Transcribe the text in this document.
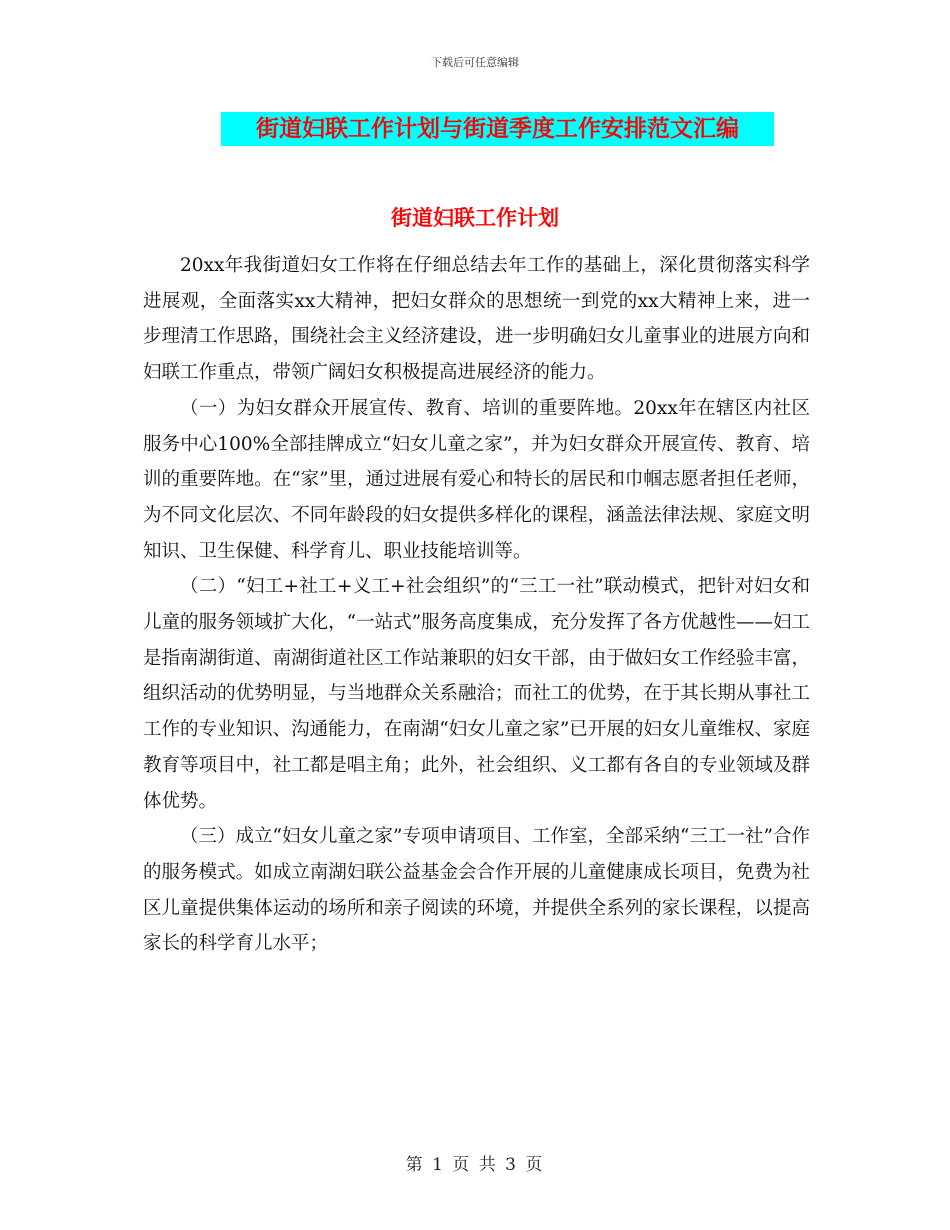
下载后可任意编辑
街道妇联工作计划与街道季度工作安排范文汇编
街道妇联工作计划

20xx年我街道妇女工作将在仔细总结去年工作的基础上，深化贯彻落实科学进展观，全面落实xx大精神，把妇女群众的思想统一到党的xx大精神上来，进一步理清工作思路，围绕社会主义经济建设，进一步明确妇女儿童事业的进展方向和妇联工作重点，带领广阔妇女积极提高进展经济的能力。

（一）为妇女群众开展宣传、教育、培训的重要阵地。20xx年在辖区内社区服务中心100%全部挂牌成立“妇女儿童之家”，并为妇女群众开展宣传、教育、培训的重要阵地。在“家”里，通过进展有爱心和特长的居民和巾帼志愿者担任老师，为不同文化层次、不同年龄段的妇女提供多样化的课程，涵盖法律法规、家庭文明知识、卫生保健、科学育儿、职业技能培训等。

（二）“妇工+社工+义工+社会组织”的“三工一社”联动模式，把针对妇女和儿童的服务领域扩大化，“一站式”服务高度集成，充分发挥了各方优越性——妇工是指南湖街道、南湖街道社区工作站兼职的妇女干部，由于做妇女工作经验丰富，组织活动的优势明显，与当地群众关系融洽；而社工的优势，在于其长期从事社工工作的专业知识、沟通能力，在南湖“妇女儿童之家”已开展的妇女儿童维权、家庭教育等项目中，社工都是唱主角；此外，社会组织、义工都有各自的专业领域及群体优势。

（三）成立“妇女儿童之家”专项申请项目、工作室，全部采纳“三工一社”合作的服务模式。如成立南湖妇联公益基金会合作开展的儿童健康成长项目，免费为社区儿童提供集体运动的场所和亲子阅读的环境，并提供全系列的家长课程，以提高家长的科学育儿水平；

第 1 页 共 3 页
